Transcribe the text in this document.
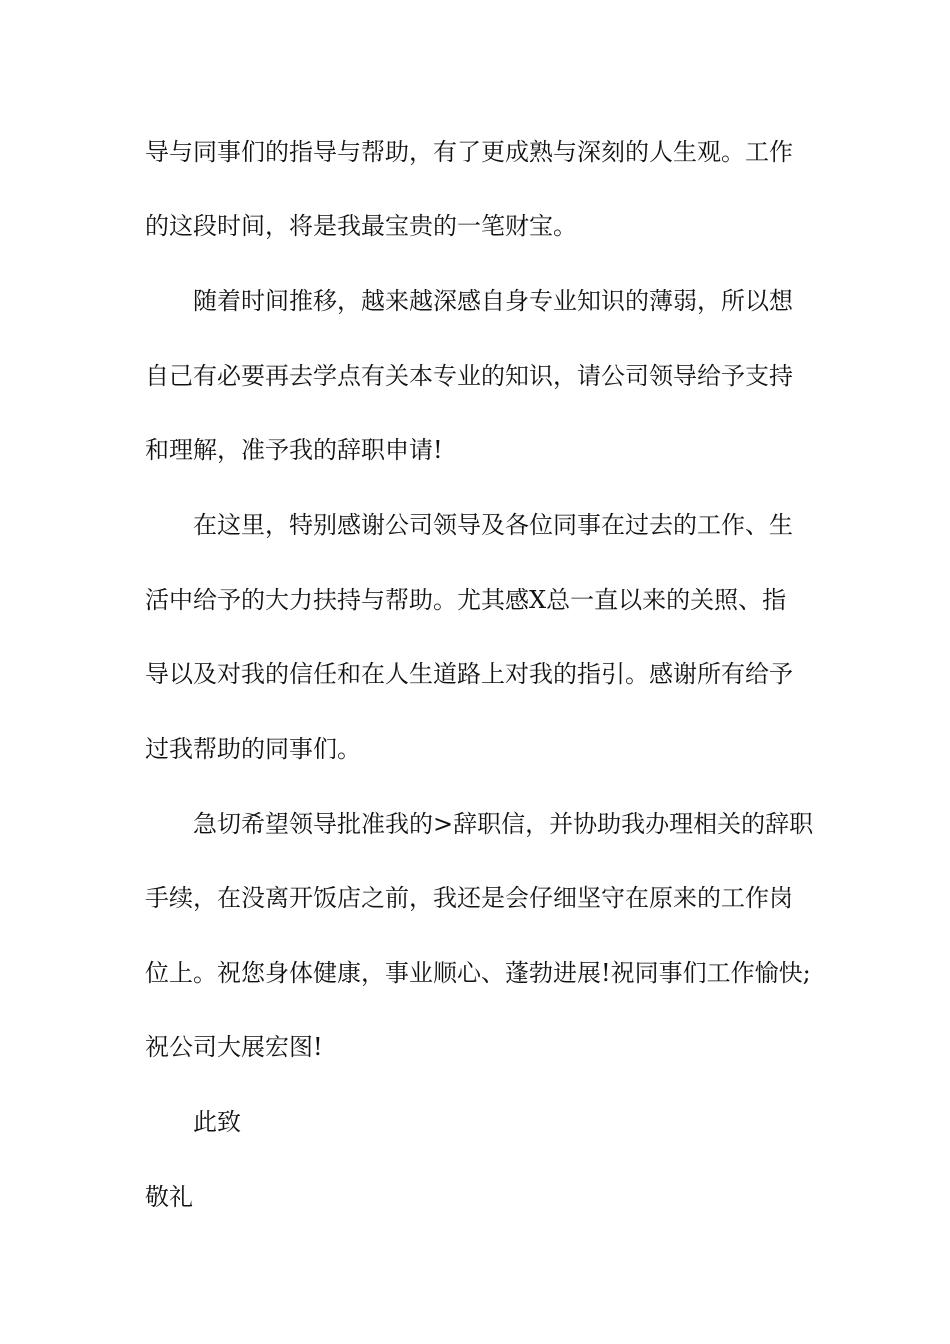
导与同事们的指导与帮助，有了更成熟与深刻的人生观。工作
的这段时间，将是我最宝贵的一笔财宝。
随着时间推移，越来越深感自身专业知识的薄弱，所以想
自己有必要再去学点有关本专业的知识，请公司领导给予支持
和理解，准予我的辞职申请!
在这里，特别感谢公司领导及各位同事在过去的工作、生
活中给予的大力扶持与帮助。尤其感X总一直以来的关照、指
导以及对我的信任和在人生道路上对我的指引。感谢所有给予
过我帮助的同事们。
急切希望领导批准我的>辞职信，并协助我办理相关的辞职
手续，在没离开饭店之前，我还是会仔细坚守在原来的工作岗
位上。祝您身体健康，事业顺心、蓬勃进展!祝同事们工作愉快;
祝公司大展宏图!
此致
敬礼
